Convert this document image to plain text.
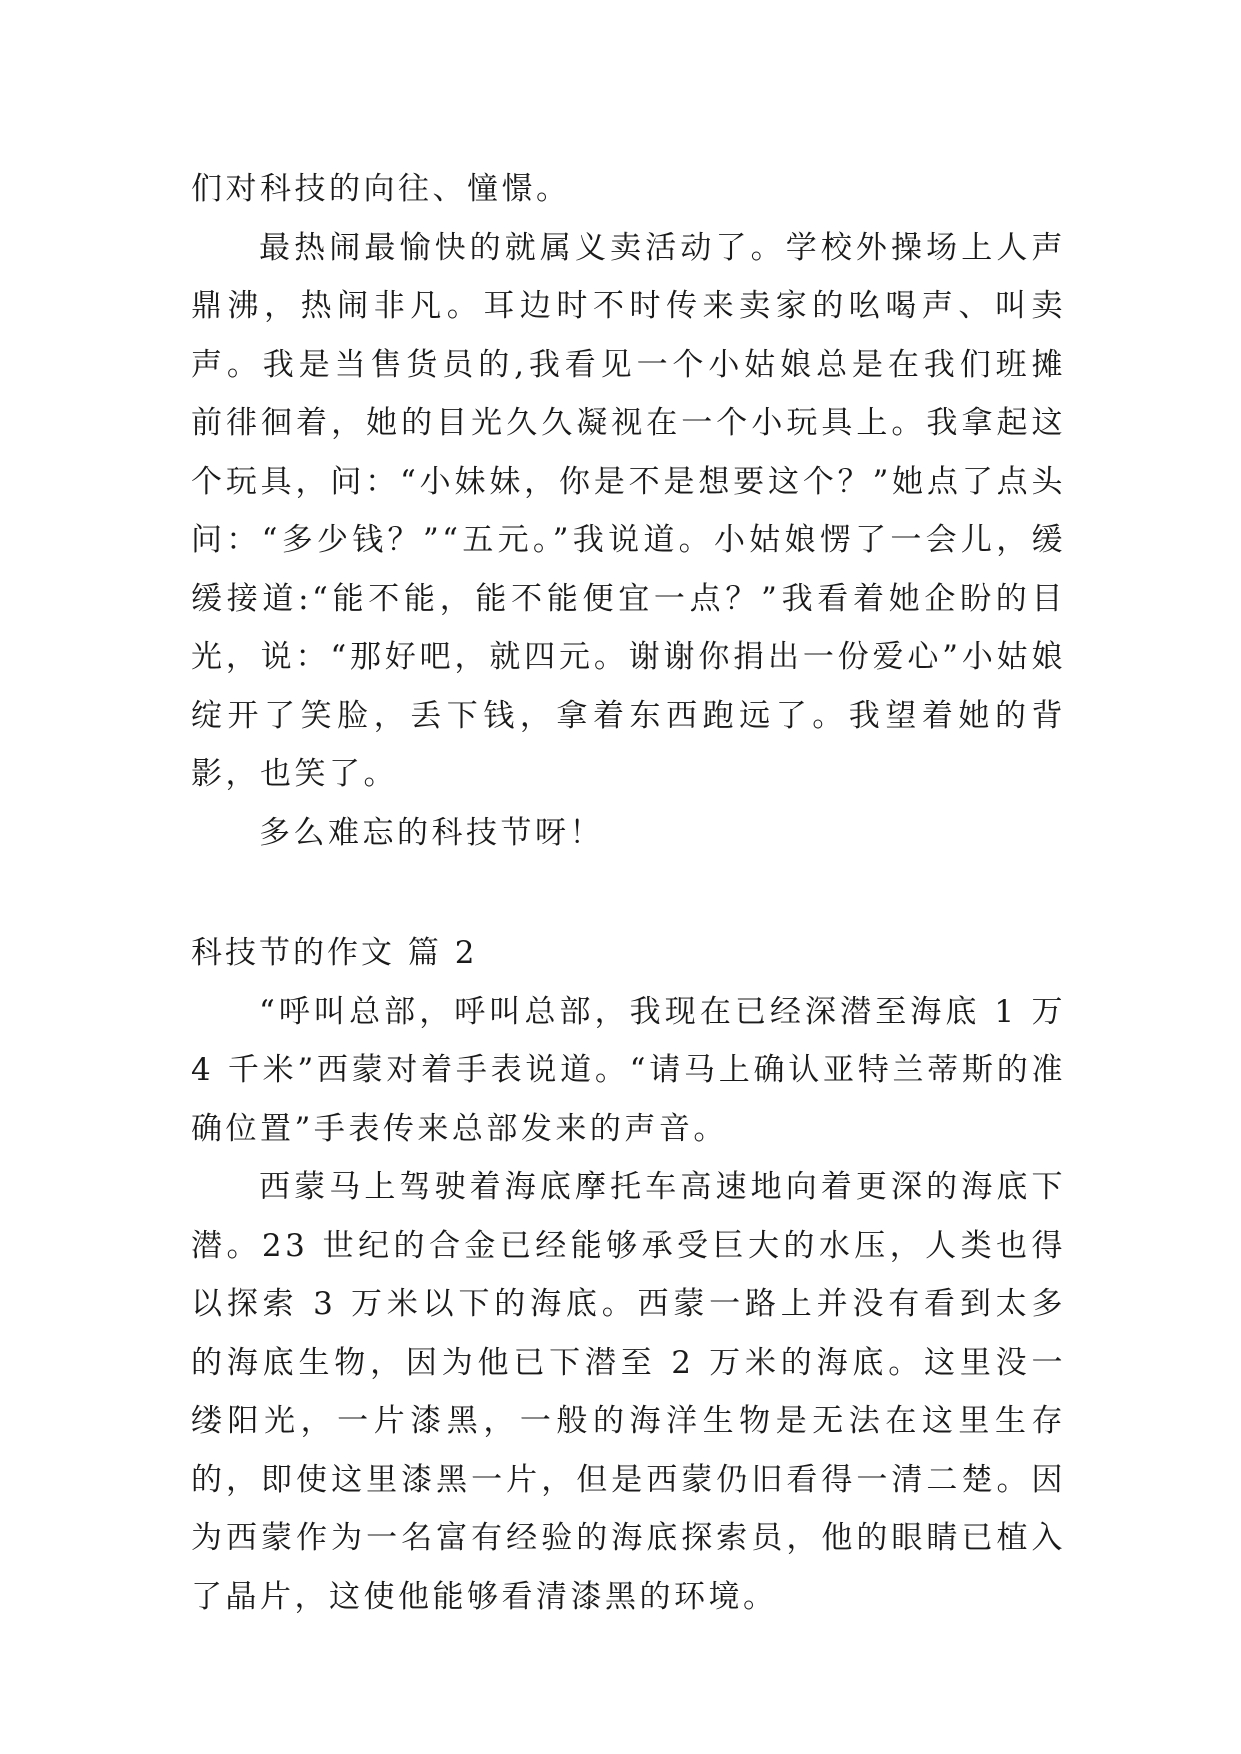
们对科技的向往、憧憬。

最热闹最愉快的就属义卖活动了。学校外操场上人声鼎沸，热闹非凡。耳边时不时传来卖家的吆喝声、叫卖声。我是当售货员的,我看见一个小姑娘总是在我们班摊前徘徊着，她的目光久久凝视在一个小玩具上。我拿起这个玩具，问：“小妹妹，你是不是想要这个？”她点了点头问：“多少钱？”“五元。”我说道。小姑娘愣了一会儿，缓缓接道:“能不能，能不能便宜一点？”我看着她企盼的目光，说：“那好吧，就四元。谢谢你捐出一份爱心”小姑娘绽开了笑脸，丢下钱，拿着东西跑远了。我望着她的背影，也笑了。

多么难忘的科技节呀！

科技节的作文 篇 2

“呼叫总部，呼叫总部，我现在已经深潜至海底 1 万 4 千米”西蒙对着手表说道。“请马上确认亚特兰蒂斯的准确位置”手表传来总部发来的声音。

西蒙马上驾驶着海底摩托车高速地向着更深的海底下潜。23 世纪的合金已经能够承受巨大的水压，人类也得以探索 3 万米以下的海底。西蒙一路上并没有看到太多的海底生物，因为他已下潜至 2 万米的海底。这里没一缕阳光，一片漆黑，一般的海洋生物是无法在这里生存的，即使这里漆黑一片，但是西蒙仍旧看得一清二楚。因为西蒙作为一名富有经验的海底探索员，他的眼睛已植入了晶片，这使他能够看清漆黑的环境。
